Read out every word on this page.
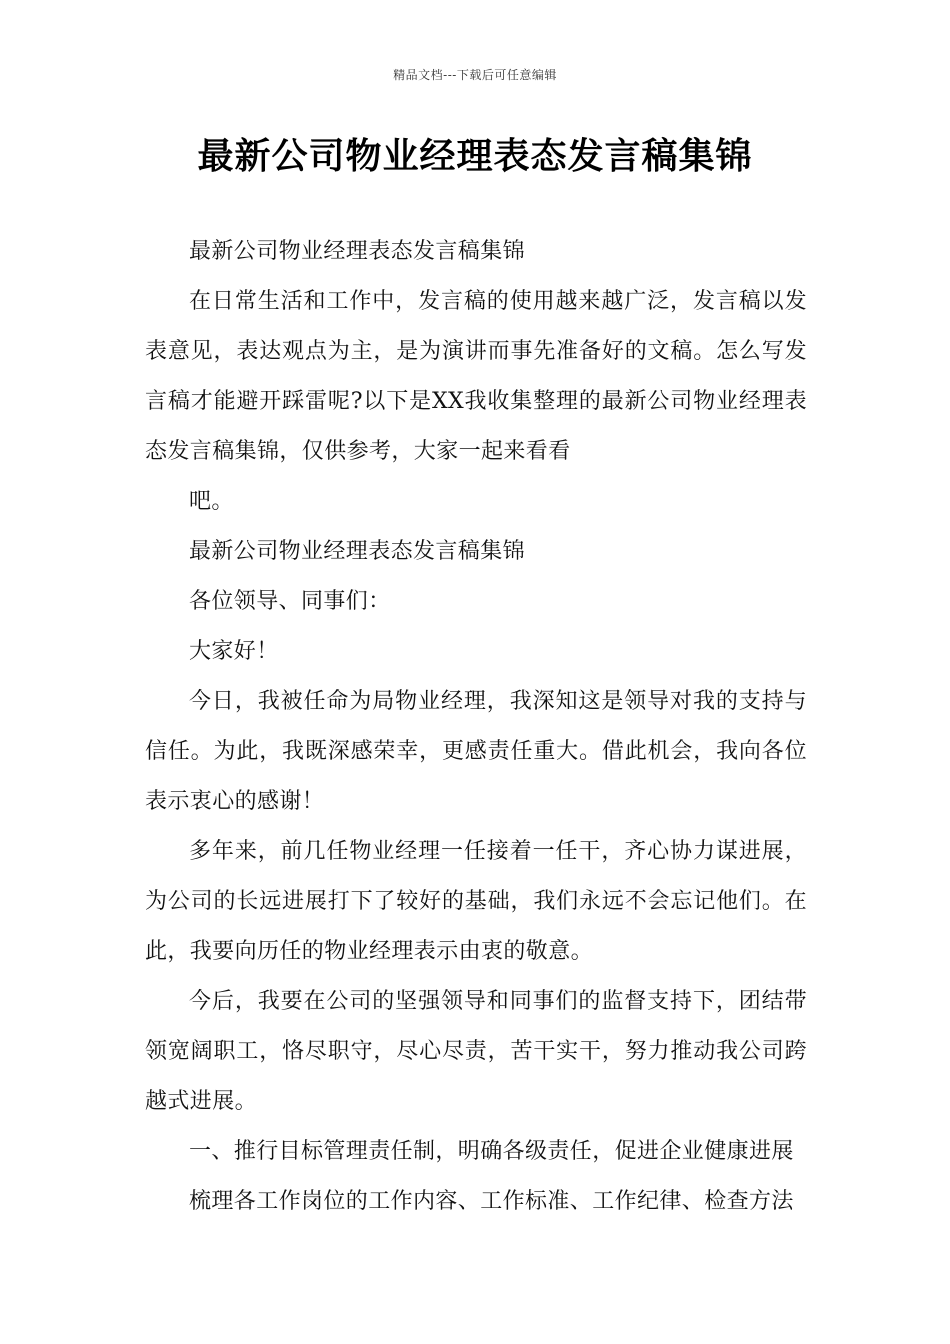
精品文档---下载后可任意编辑
最新公司物业经理表态发言稿集锦

最新公司物业经理表态发言稿集锦

在日常生活和工作中，发言稿的使用越来越广泛，发言稿以发表意见，表达观点为主，是为演讲而事先准备好的文稿。怎么写发言稿才能避开踩雷呢?以下是XX我收集整理的最新公司物业经理表态发言稿集锦，仅供参考，大家一起来看看

吧。

最新公司物业经理表态发言稿集锦

各位领导、同事们：

大家好！

今日，我被任命为局物业经理，我深知这是领导对我的支持与信任。为此，我既深感荣幸，更感责任重大。借此机会，我向各位表示衷心的感谢！

多年来，前几任物业经理一任接着一任干，齐心协力谋进展，为公司的长远进展打下了较好的基础，我们永远不会忘记他们。在此，我要向历任的物业经理表示由衷的敬意。

今后，我要在公司的坚强领导和同事们的监督支持下，团结带领宽阔职工，恪尽职守，尽心尽责，苦干实干，努力推动我公司跨越式进展。

一、推行目标管理责任制，明确各级责任，促进企业健康进展

梳理各工作岗位的工作内容、工作标准、工作纪律、检查方法
